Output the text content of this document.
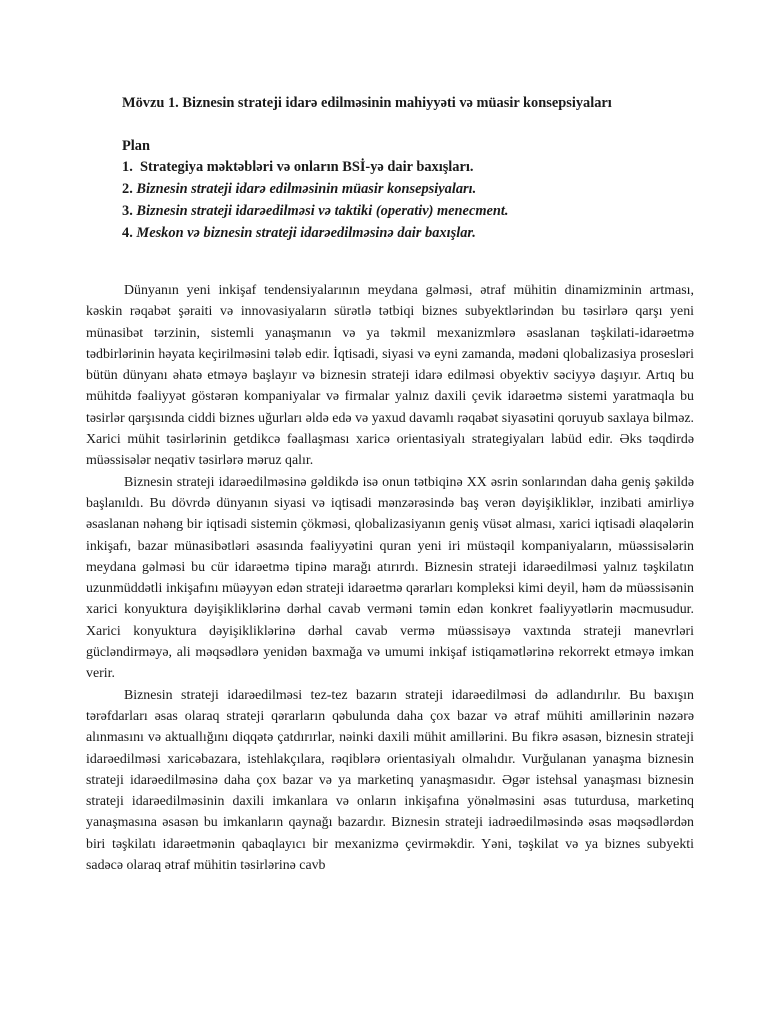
Mövzu 1. Biznesin strateji idarə edilməsinin mahiyyəti və müasir konsepsiyaları
Plan
1.  Strategiya məktəbləri və onların BSİ-yə dair baxışları.
2. Biznesin strateji idarə edilməsinin müasir konsepsiyaları.
3. Biznesin strateji idarəedilməsi və taktiki (operativ) menecment.
4. Meskon və biznesin strateji idarəedilməsinə dair baxışlar.

Dünyanın yeni inkişaf tendensiyalarının meydana gəlməsi, ətraf mühitin dinamizminin artması, kəskin rəqabət şəraiti və innovasiyaların sürətlə tətbiqi biznes subyektlərindən bu təsirlərə qarşı yeni münasibət tərzinin, sistemli yanaşmanın və ya təkmil mexanizmlərə əsaslanan təşkilati-idarəetmə tədbirlərinin həyata keçirilməsini tələb edir. İqtisadi, siyasi və eyni zamanda, mədəni qlobalizasiya prosesləri bütün dünyanı əhatə etməyə başlayır və biznesin strateji idarə edilməsi obyektiv səciyyə daşıyır. Artıq bu mühitdə fəaliyyət göstərən kompaniyalar və firmalar yalnız daxili çevik idarəetmə sistemi yaratmaqla bu təsirlər qarşısında ciddi biznes uğurları əldə edə və yaxud davamlı rəqabət siyasətini qoruyub saxlaya bilməz. Xarici mühit təsirlərinin getdikcə fəallaşması xaricə orientasiyalı strategiyaları labüd edir. Əks təqdirdə müəssisələr neqativ təsirlərə məruz qalır.

Biznesin strateji idarəedilməsinə gəldikdə isə onun tətbiqinə XX əsrin sonlarından daha geniş şəkildə başlanıldı. Bu dövrdə dünyanın siyasi və iqtisadi mənzərəsində baş verən dəyişikliklər, inzibati amirliyə əsaslanan nəhəng bir iqtisadi sistemin çökməsi, qlobalizasiyanın geniş vüsət alması, xarici iqtisadi əlaqələrin inkişafı, bazar münasibətləri əsasında fəaliyyətini quran yeni iri müstəqil kompaniyaların, müəssisələrin meydana gəlməsi bu cür idarəetmə tipinə marağı atırırdı. Biznesin strateji idarəedilməsi yalnız təşkilatın uzunmüddətli inkişafını müəyyən edən strateji idarəetmə qərarları kompleksi kimi deyil, həm də müəssisənin xarici konyuktura dəyişikliklərinə dərhal cavab verməni təmin edən konkret fəaliyyətlərin məcmusudur. Xarici konyuktura dəyişikliklərinə dərhal cavab vermə müəssisəyə vaxtında strateji manevrləri gücləndirməyə, ali məqsədlərə yenidən baxmağa və umumi inkişaf istiqamətlərinə rekorrekt etməyə imkan verir.

Biznesin strateji idarəedilməsi tez-tez bazarın strateji idarəedilməsi də adlandırılır. Bu baxışın tərəfdarları əsas olaraq strateji qərarların qəbulunda daha çox bazar və ətraf mühiti amillərinin nəzərə alınmasını və aktuallığını diqqətə çatdırırlar, nəinki daxili mühit amillərini. Bu fikrə əsasən, biznesin strateji idarəedilməsi xaricəbazara, istehlakçılara, rəqiblərə orientasiyalı olmalıdır. Vurğulanan yanaşma biznesin strateji idarəedilməsinə daha çox bazar və ya marketinq yanaşmasıdır. Əgər istehsal yanaşması biznesin strateji idarəedilməsinin daxili imkanlara və onların inkişafına yönəlməsini əsas tuturdusa, marketinq yanaşmasına əsasən bu imkanların qaynağı bazardır. Biznesin strateji iadrəedilməsində əsas məqsədlərdən biri təşkilatı idarəetmənin qabaqlayıcı bir mexanizmə çevirməkdir. Yəni, təşkilat və ya biznes subyekti sadəcə olaraq ətraf mühitin təsirlərinə cavb
